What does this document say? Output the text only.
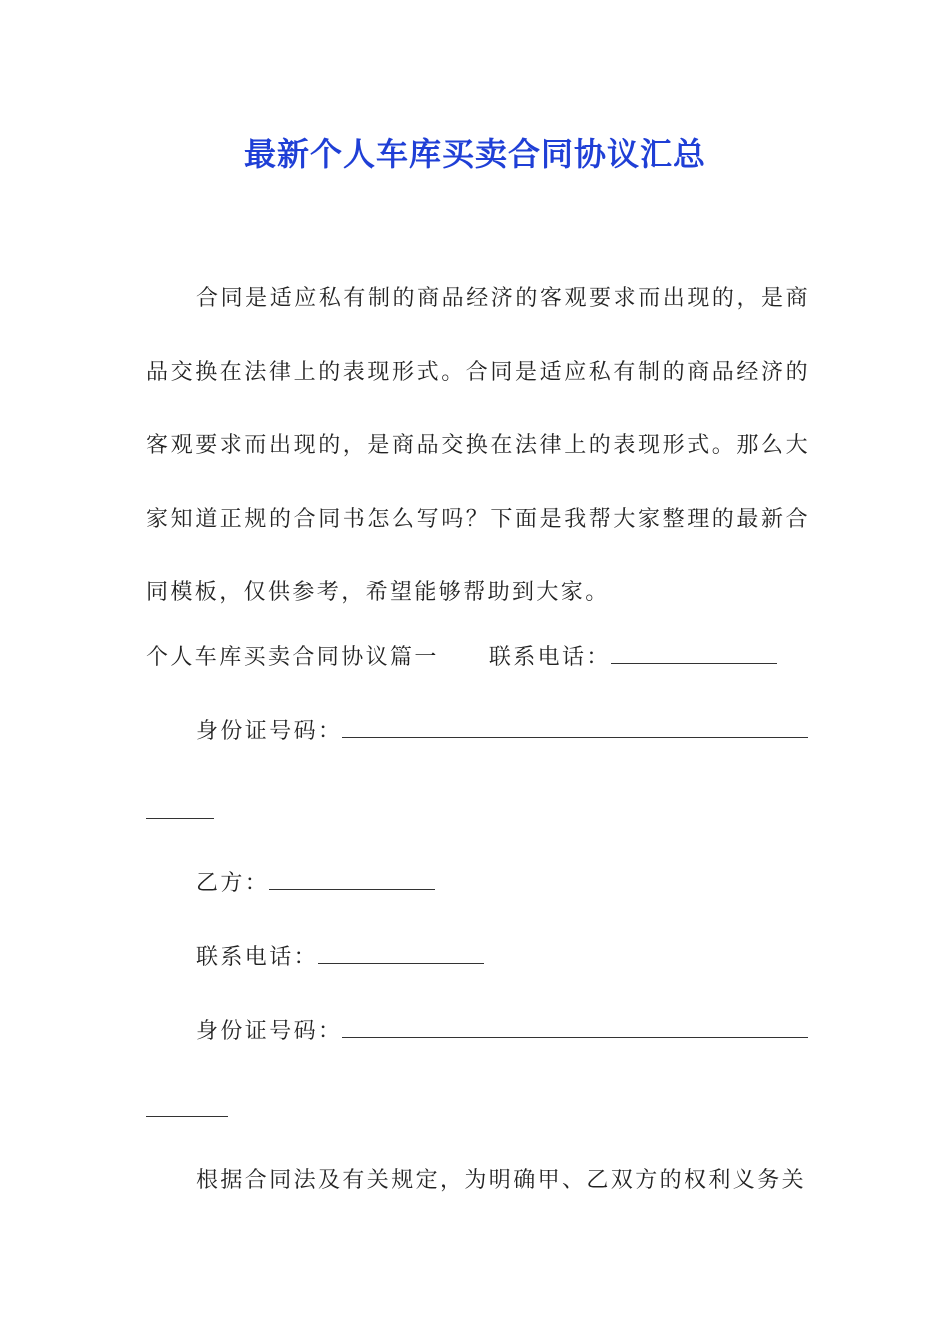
最新个人车库买卖合同协议汇总

合同是适应私有制的商品经济的客观要求而出现的，是商品交换在法律上的表现形式。合同是适应私有制的商品经济的客观要求而出现的，是商品交换在法律上的表现形式。那么大家知道正规的合同书怎么写吗？下面是我帮大家整理的最新合同模板，仅供参考，希望能够帮助到大家。

个人车库买卖合同协议篇一 联系电话：
身份证号码：
乙方：
联系电话：
身份证号码：
根据合同法及有关规定，为明确甲、乙双方的权利义务关
